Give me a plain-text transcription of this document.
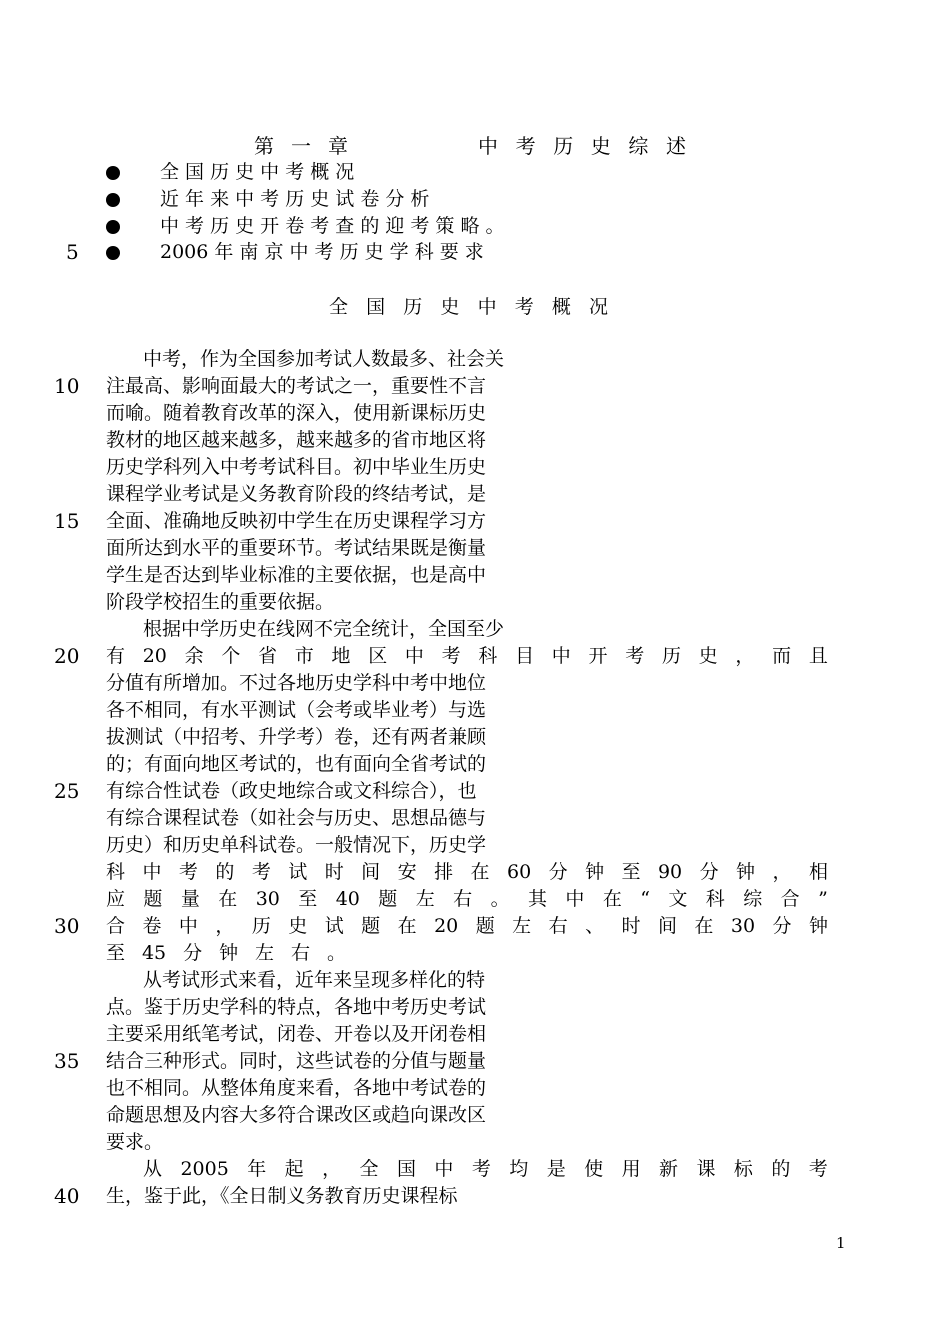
第 一 章	中 考 历 史 综 述
全 国 历 史 中 考 概 况
近 年 来 中 考 历 史 试 卷 分 析
中 考 历 史 开 卷 考 查 的 迎 考 策 略 。
2006 年 南 京 中 考 历 史 学 科 要 求
全 国 历 史 中 考 概 况
5
10
15
20
25
30
35
40
中考，作为全国参加考试人数最多、社会关
注最高、影响面最大的考试之一，重要性不言
而喻。随着教育改革的深入，使用新课标历史
教材的地区越来越多，越来越多的省市地区将
历史学科列入中考考试科目。初中毕业生历史
课程学业考试是义务教育阶段的终结考试，是
全面、准确地反映初中学生在历史课程学习方
面所达到水平的重要环节。考试结果既是衡量
学生是否达到毕业标准的主要依据，也是高中
阶段学校招生的重要依据。
根据中学历史在线网不完全统计，全国至少
有 20 余 个 省 市 地 区 中 考 科 目 中 开 考 历 史 ， 而 且
分值有所增加。不过各地历史学科中考中地位
各不相同，有水平测试（会考或毕业考）与选
拔测试（中招考、升学考）卷，还有两者兼顾
的；有面向地区考试的，也有面向全省考试的
有综合性试卷（政史地综合或文科综合），也
有综合课程试卷（如社会与历史、思想品德与
历史）和历史单科试卷。一般情况下，历史学
科 中 考 的 考 试 时 间 安 排 在 60 分 钟 至 90 分 钟 ， 相
应 题 量 在 30 至 40 题 左 右 。 其 中 在 “ 文 科 综 合 ”
合 卷 中 ， 历 史 试 题 在 20 题 左 右 、 时 间 在 30 分 钟
至 45 分 钟 左 右 。
从考试形式来看，近年来呈现多样化的特
点。鉴于历史学科的特点，各地中考历史考试
主要采用纸笔考试，闭卷、开卷以及开闭卷相
结合三种形式。同时，这些试卷的分值与题量
也不相同。从整体角度来看，各地中考试卷的
命题思想及内容大多符合课改区或趋向课改区
要求。
从 2005 年 起 ， 全 国 中 考 均 是 使 用 新 课 标 的 考
生，鉴于此，《全日制义务教育历史课程标
1
